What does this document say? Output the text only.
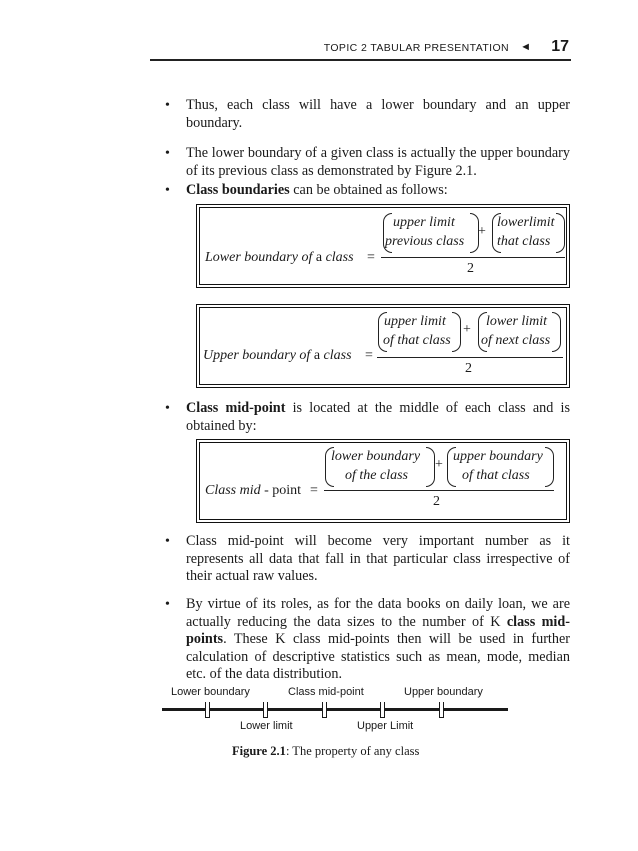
TOPIC 2 TABULAR PRESENTATION ◄ 17
• Thus, each class will have a lower boundary and an upper boundary.
• The lower boundary of a given class is actually the upper boundary of its previous class as demonstrated by Figure 2.1.
• Class boundaries can be obtained as follows:
Lower boundary of a class =
upper limit
previous class
+
lowerlimit
that class
2
Upper boundary of a class =
upper limit
of that class
+
lower limit
of next class
2
• Class mid-point is located at the middle of each class and is obtained by:
Class mid - point =
lower boundary
of the class
+
upper boundary
of that class
2
• Class mid-point will become very important number as it represents all data that fall in that particular class irrespective of their actual raw values.
• By virtue of its roles, as for the data books on daily loan, we are actually reducing the data sizes to the number of K class mid-points. These K class mid-points then will be used in further calculation of descriptive statistics such as mean, mode, median etc. of the data distribution.
Lower boundary	Class mid-point	Upper boundary
Lower limit	Upper Limit
Figure 2.1: The property of any class
